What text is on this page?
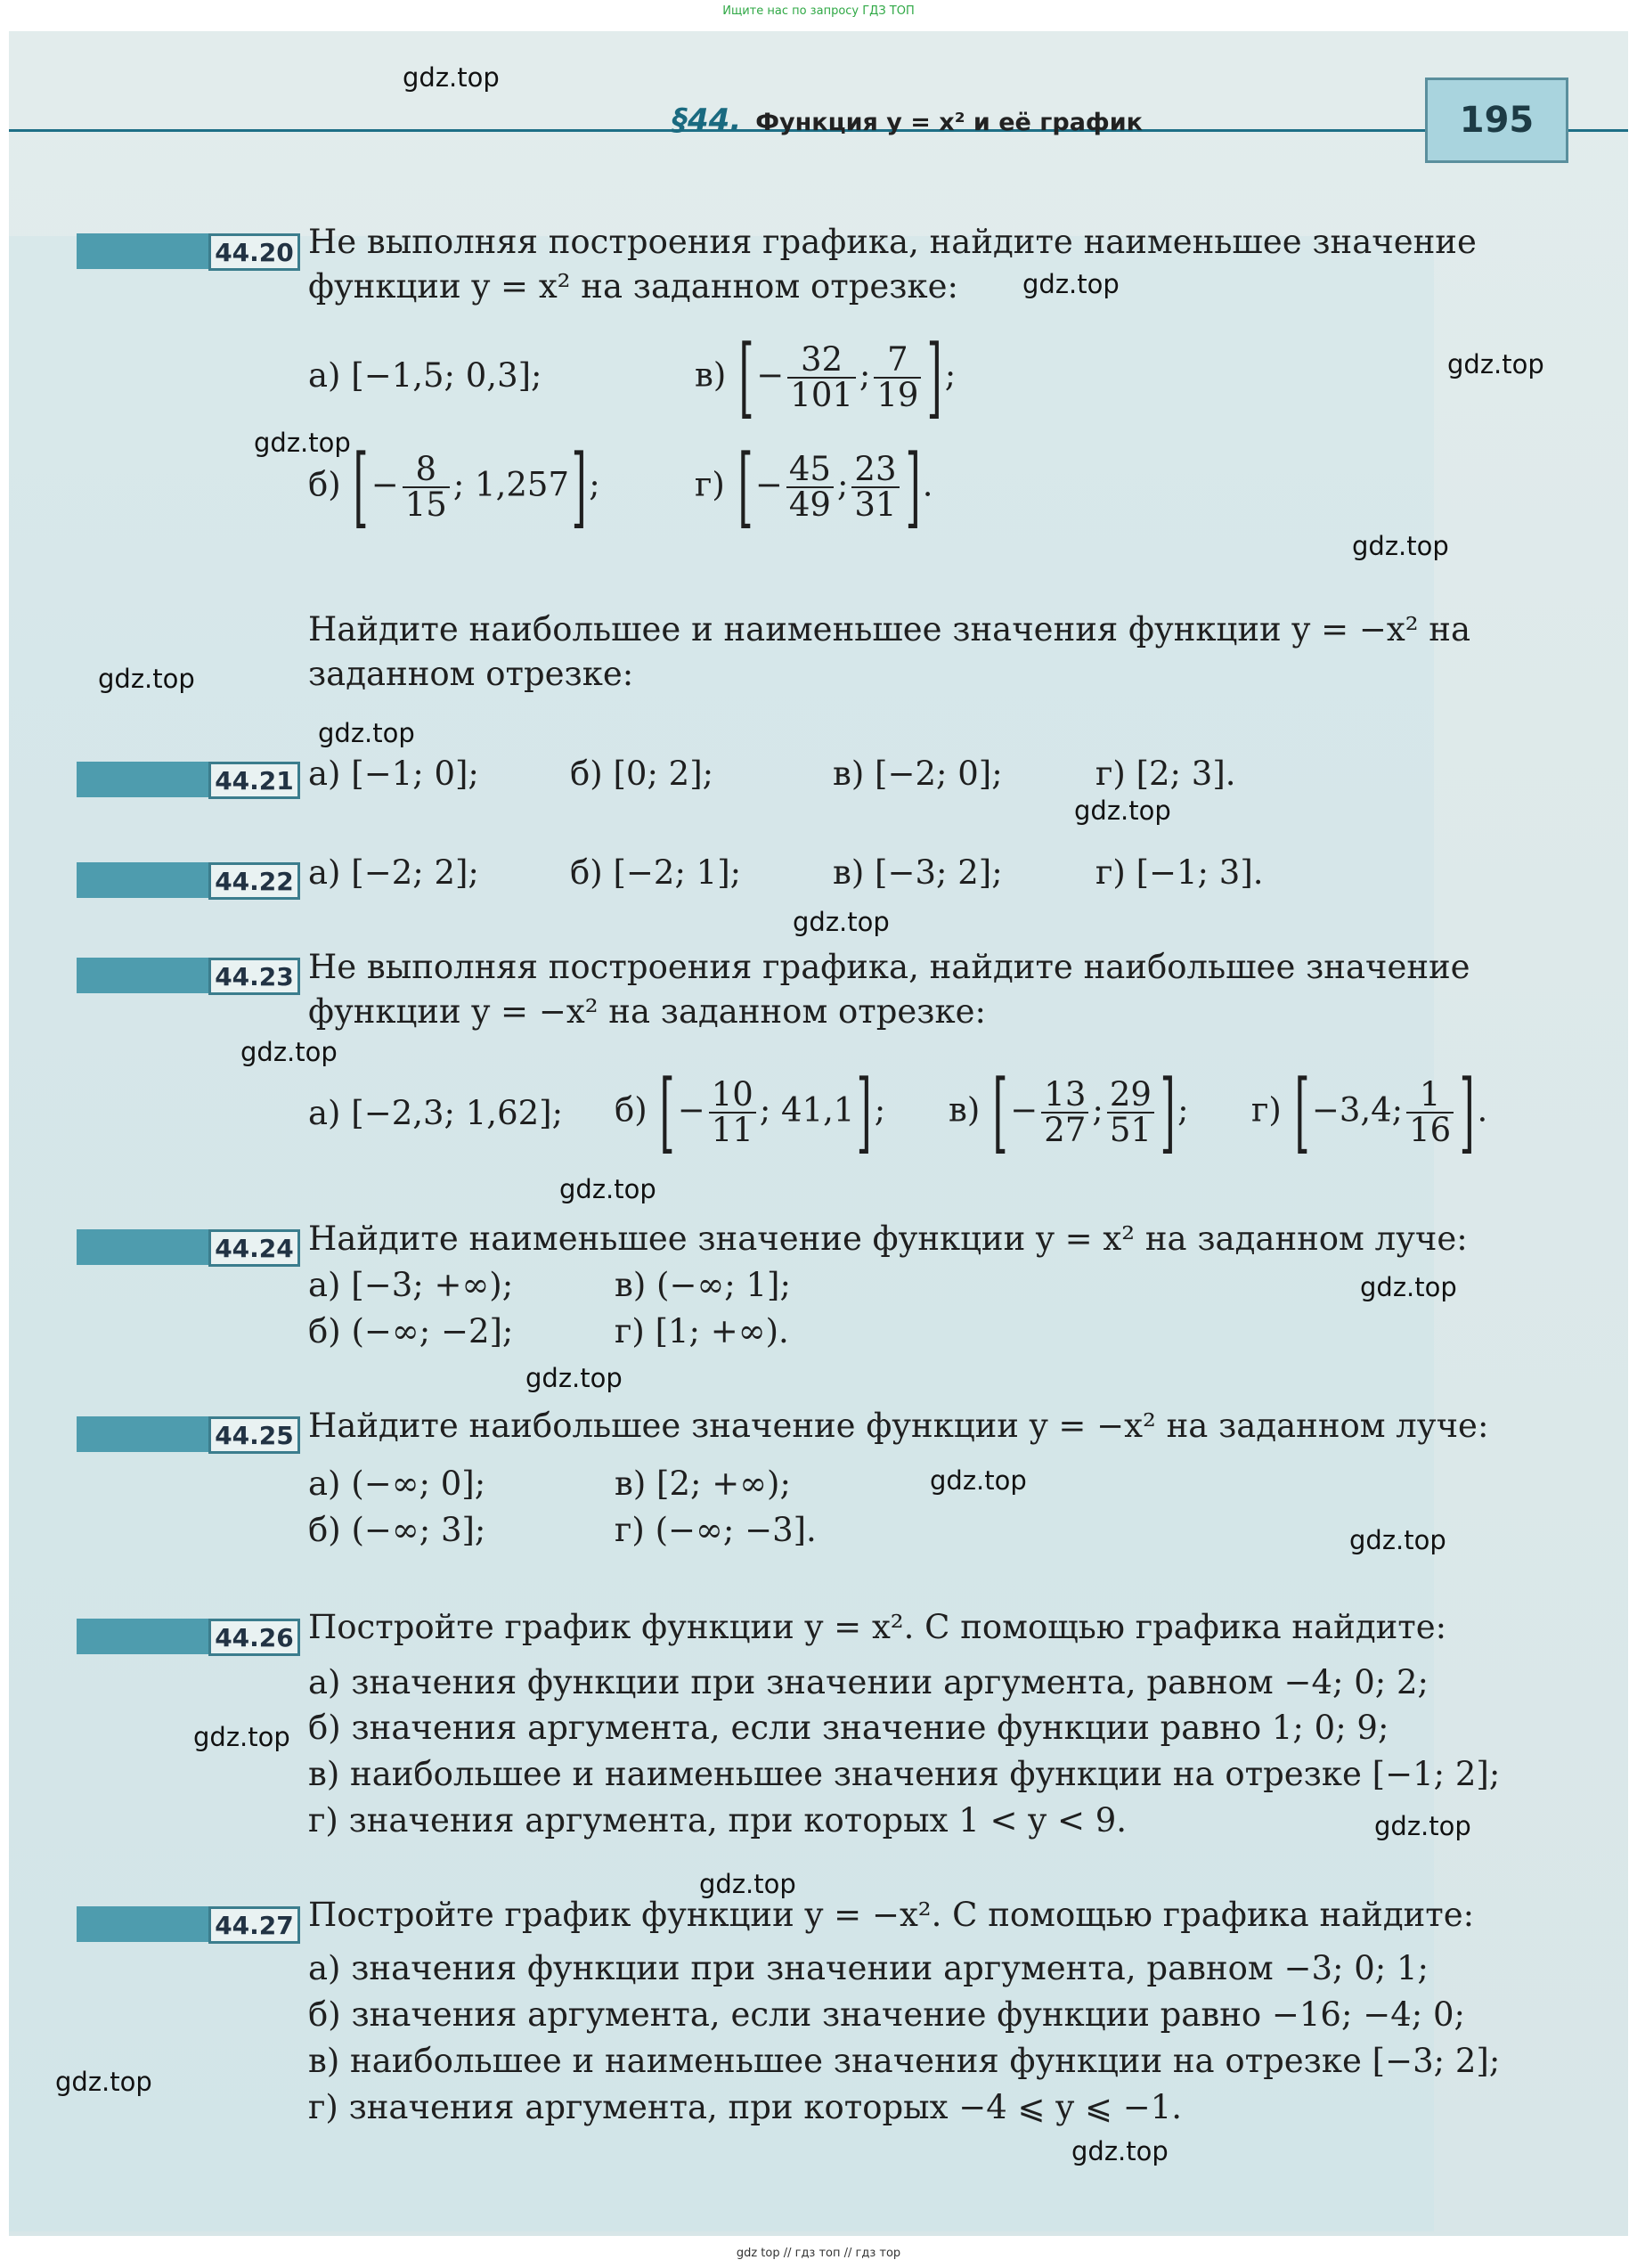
Ищите нас по запросу ГДЗ ТОП
§44. Функция y = x² и её график	195
44.20 Не выполняя построения графика, найдите наименьшее значение
функции y = x² на заданном отрезке:
а) [−1,5; 0,3];	в) [− $\frac{32}{101}$ ; $\frac{7}{19}$ ];
б) [− $\frac{8}{15}$ ; 1,257];	г) [− $\frac{45}{49}$ ; $\frac{23}{31}$ ].
Найдите наибольшее и наименьшее значения функции y = −x² на
заданном отрезке:
44.21 а) [−1; 0];	б) [0; 2];	в) [−2; 0];	г) [2; 3].
44.22 а) [−2; 2];	б) [−2; 1];	в) [−3; 2];	г) [−1; 3].
44.23 Не выполняя построения графика, найдите наибольшее значение
функции y = −x² на заданном отрезке:
а) [−2,3; 1,62]; б) [− $\frac{10}{11}$ ; 41,1]; в) [− $\frac{13}{27}$ ; $\frac{29}{51}$ ]; г) [−3,4; $\frac{1}{16}$ ].
44.24 Найдите наименьшее значение функции y = x² на заданном луче:
а) [−3; +∞);	в) (−∞; 1];
б) (−∞; −2];	г) [1; +∞).
44.25 Найдите наибольшее значение функции y = −x² на заданном луче:
а) (−∞; 0];	в) [2; +∞);
б) (−∞; 3];	г) (−∞; −3].
44.26 Постройте график функции y = x². С помощью графика найдите:
а) значения функции при значении аргумента, равном −4; 0; 2;
б) значения аргумента, если значение функции равно 1; 0; 9;
в) наибольшее и наименьшее значения функции на отрезке [−1; 2];
г) значения аргумента, при которых 1 < y < 9.
44.27 Постройте график функции y = −x². С помощью графика найдите:
а) значения функции при значении аргумента, равном −3; 0; 1;
б) значения аргумента, если значение функции равно −16; −4; 0;
в) наибольшее и наименьшее значения функции на отрезке [−3; 2];
г) значения аргумента, при которых −4 ⩽ y ⩽ −1.
gdz.top
gdz.top
gdz.top
gdz.top
gdz.top
gdz.top
gdz.top
gdz.top
gdz.top
gdz.top
gdz.top
gdz.top
gdz.top
gdz.top
gdz.top
gdz.top
gdz.top
gdz.top
gdz.top
gdz.top
gdz top // гдз топ // гдз тор
